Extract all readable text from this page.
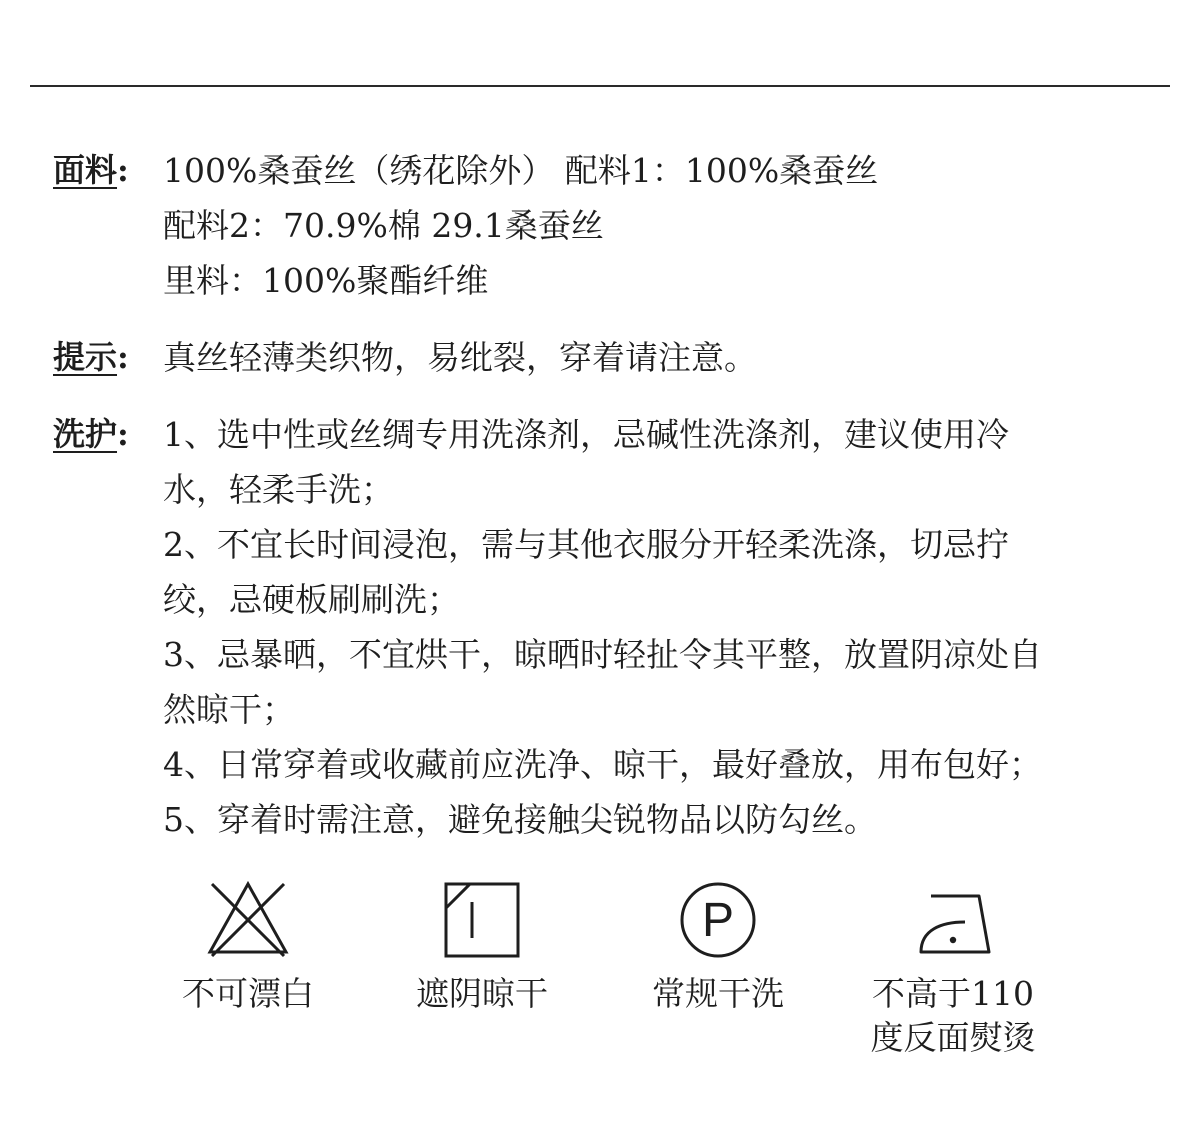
面料: 100%桑蚕丝（绣花除外） 配料1：100%桑蚕丝
配料2：70.9%棉 29.1桑蚕丝
里料：100%聚酯纤维
提示: 真丝轻薄类织物，易纰裂，穿着请注意。
洗护: 1、选中性或丝绸专用洗涤剂，忌碱性洗涤剂，建议使用冷
水，轻柔手洗；
2、不宜长时间浸泡，需与其他衣服分开轻柔洗涤，切忌拧
绞，忌硬板刷刷洗；
3、忌暴晒，不宜烘干，晾晒时轻扯令其平整，放置阴凉处自
然晾干；
4、日常穿着或收藏前应洗净、晾干，最好叠放，用布包好；
5、穿着时需注意，避免接触尖锐物品以防勾丝。
不可漂白	遮阴晾干
P
常规干洗	不高于110
度反面熨烫
